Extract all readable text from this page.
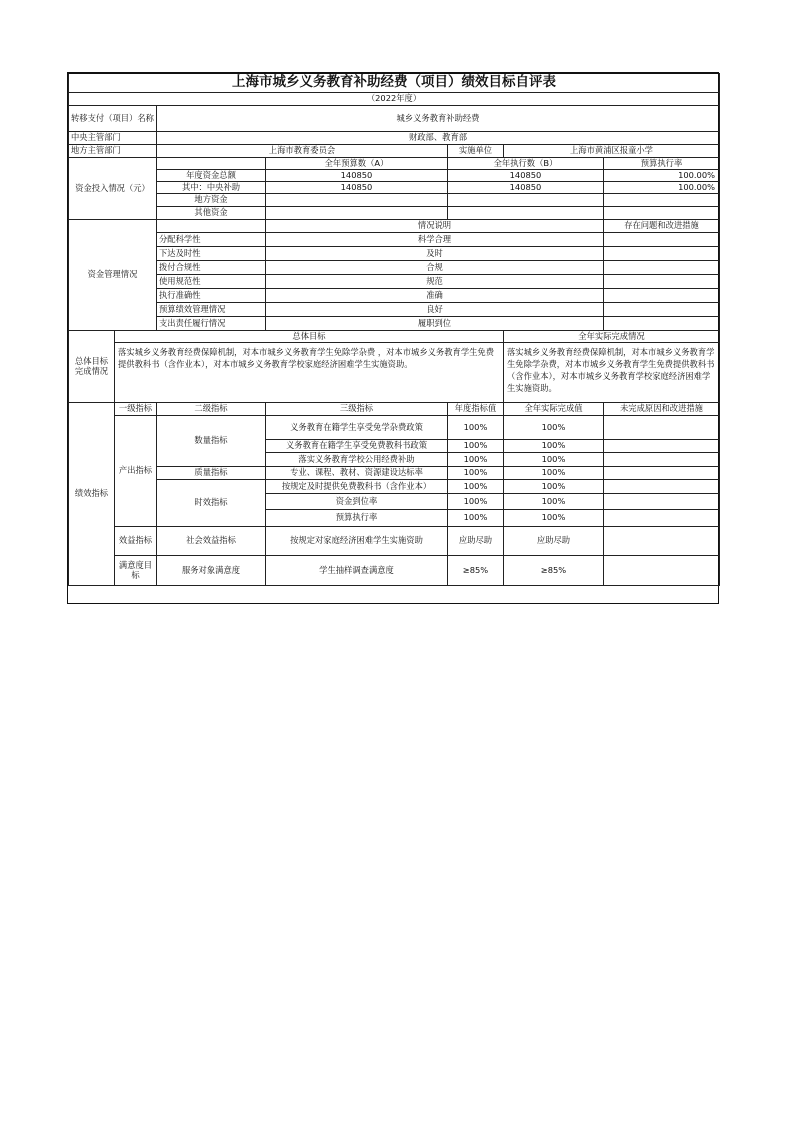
上海市城乡义务教育补助经费（项目）绩效目标自评表						
（2022年度）						
转移支付（项目）名称		城乡义务教育补助经费				
中央主管部门		财政部、教育部				
地方主管部门		上海市教育委员会		实施单位	上海市黄浦区报童小学	
资金投入情况（元）			全年预算数（A）	全年执行数（B）		预算执行率
		年度资金总额	140850	140850		100.00%
		其中：中央补助	140850	140850		100.00%
		地方资金				
		其他资金				
资金管理情况			情况说明			存在问题和改进措施
		分配科学性	科学合理			
		下达及时性	及时			
		拨付合规性	合规			
		使用规范性	规范			
		执行准确性	准确			
		预算绩效管理情况	良好			
		支出责任履行情况	履职到位			
总体目标完成情况	总体目标				全年实际完成情况	
	落实城乡义务教育经费保障机制，对本市城乡义务教育学生免除学杂费 ，对本市城乡义务教育学生免费提供教科书（含作业本），对本市城乡义务教育学校家庭经济困难学生实施资助。				落实城乡义务教育经费保障机制，对本市城乡义务教育学生免除学杂费，对本市城乡义务教育学生免费提供教科书（含作业本），对本市城乡义务教育学校家庭经济困难学生实施资助。	
绩效指标	一级指标	二级指标	三级指标	年度指标值	全年实际完成值	未完成原因和改进措施
	产出指标	数量指标	义务教育在籍学生享受免学杂费政策	100%	100%	
			义务教育在籍学生享受免费教科书政策	100%	100%	
			落实义务教育学校公用经费补助	100%	100%	
		质量指标	专业、课程、教材、资源建设达标率	100%	100%	
		时效指标	按规定及时提供免费教科书（含作业本）	100%	100%	
			资金到位率	100%	100%	
			预算执行率	100%	100%	
	效益指标	社会效益指标	按规定对家庭经济困难学生实施资助	应助尽助	应助尽助	
	满意度目标	服务对象满意度	学生抽样调查满意度	≥85%	≥85%	
